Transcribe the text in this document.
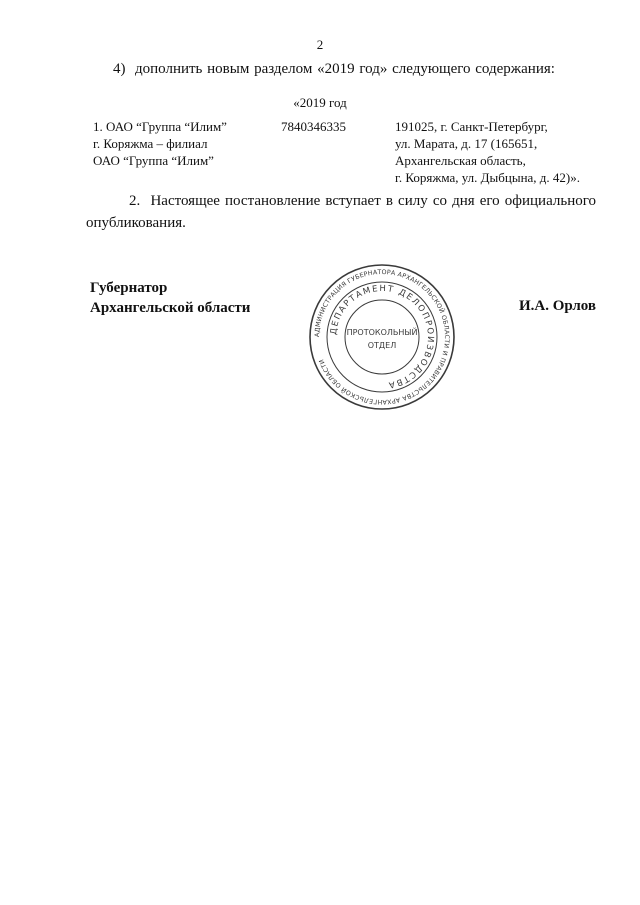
2
4)  дополнить новым разделом «2019 год» следующего содержания:
«2019 год
1. ОАО “Группа “Илим”
г. Коряжма – филиал
ОАО “Группа “Илим”
7840346335	191025, г. Санкт-Петербург,
ул. Марата, д. 17 (165651,
Архангельская область,
г. Коряжма, ул. Дыбцына, д. 42)».
2.  Настоящее постановление вступает в силу со дня его официального опубликования.
Губернатор
Архангельской области	И.А. Орлов
АДМИНИСТРАЦИЯ ГУБЕРНАТОРА АРХАНГЕЛЬСКОЙ ОБЛАСТИ И ПРАВИТЕЛЬСТВА АРХАНГЕЛЬСКОЙ ОБЛАСТИ
ДЕПАРТАМЕНТ ДЕЛОПРОИЗВОДСТВА
ПРОТОКОЛЬНЫЙ
ОТДЕЛ
